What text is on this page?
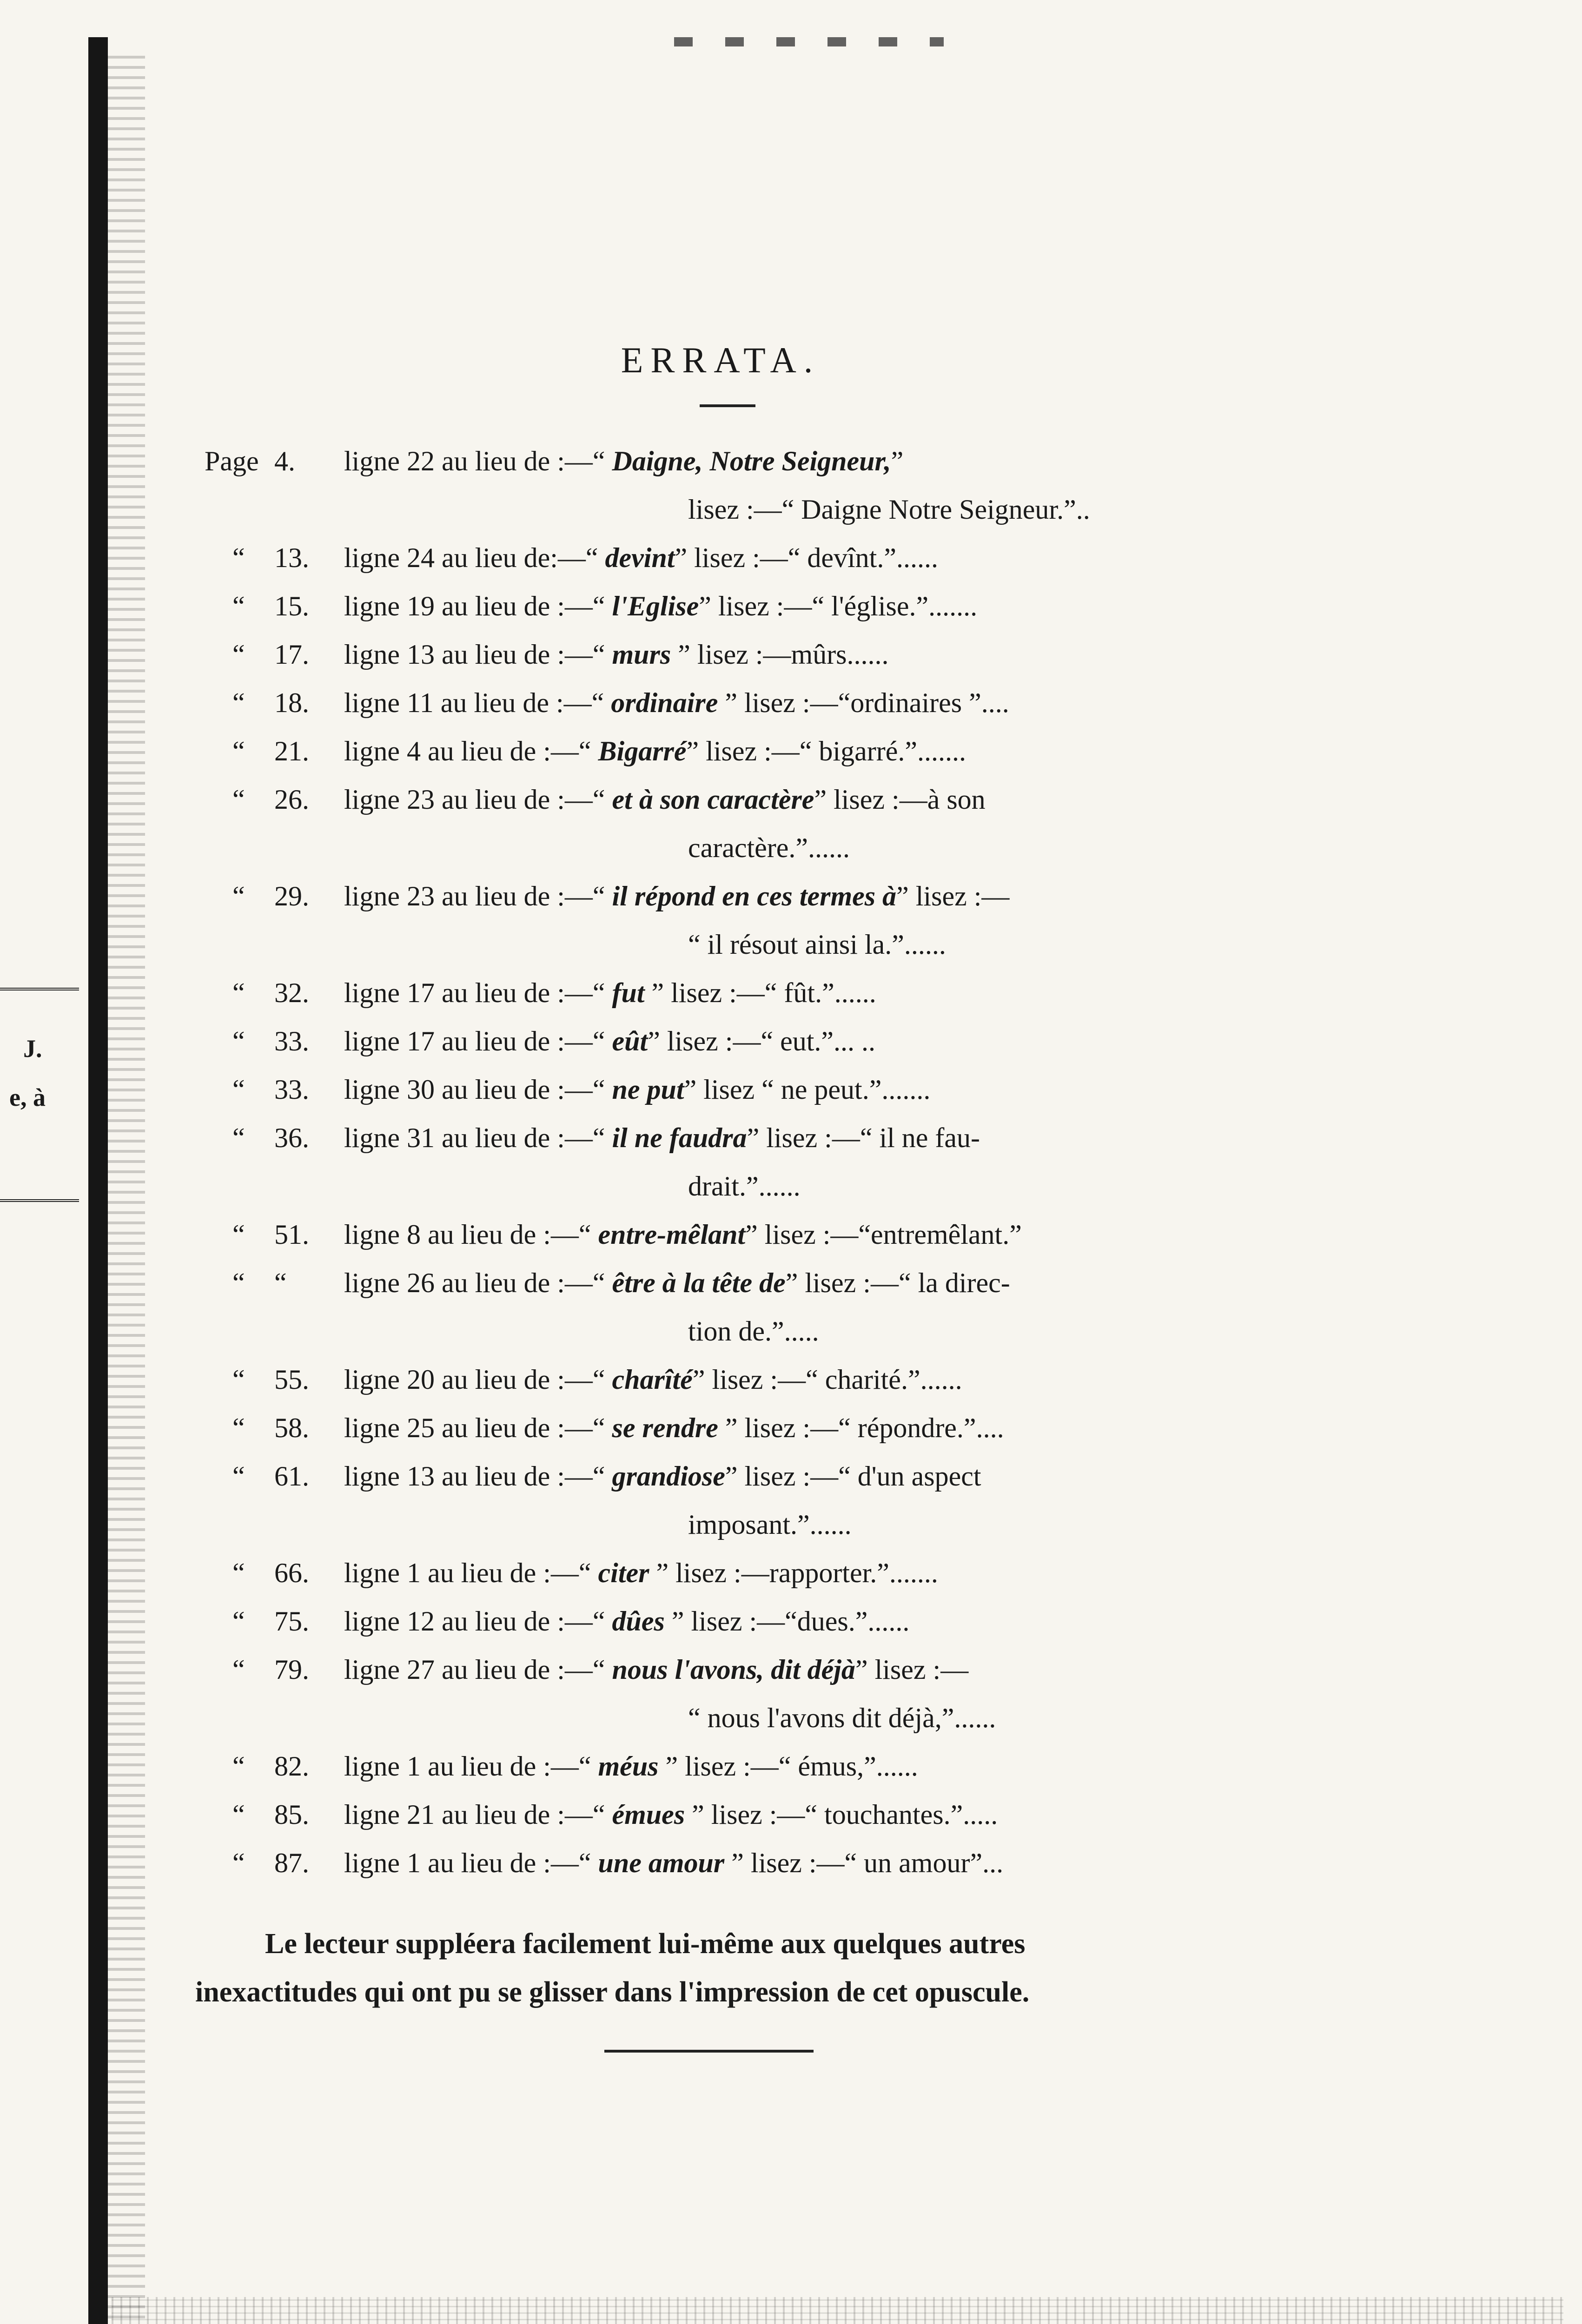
J.
e, à
ERRATA.
Page 4. ligne 22 au lieu de :—“ Daigne, Notre Seigneur,”
lisez :—“ Daigne Notre Seigneur.”..
“	13. ligne 24 au lieu de:—“ devint” lisez :—“ devînt.”......
“	15. ligne 19 au lieu de :—“ l'Eglise” lisez :—“ l'église.”.......
“	17. ligne 13 au lieu de :—“ murs ” lisez :—mûrs......
“	18. ligne 11 au lieu de :—“ ordinaire ” lisez :—“ordinaires ”....
“	21. ligne 4 au lieu de :—“ Bigarré” lisez :—“ bigarré.”.......
“	26. ligne 23 au lieu de :—“ et à son caractère” lisez :—à son
caractère.”......
“	29. ligne 23 au lieu de :—“ il répond en ces termes à” lisez :—
“ il résout ainsi la.”......
“	32. ligne 17 au lieu de :—“ fut ” lisez :—“ fût.”......
“	33. ligne 17 au lieu de :—“ eût” lisez :—“ eut.”... ..
“	33. ligne 30 au lieu de :—“ ne put” lisez “ ne peut.”.......
“	36. ligne 31 au lieu de :—“ il ne faudra” lisez :—“ il ne fau-
drait.”......
“	51. ligne 8 au lieu de :—“ entre-mêlant” lisez :—“entremêlant.”
“	“ ligne 26 au lieu de :—“ être à la tête de” lisez :—“ la direc-
tion de.”.....
“	55. ligne 20 au lieu de :—“ charîté” lisez :—“ charité.”......
“	58. ligne 25 au lieu de :—“ se rendre ” lisez :—“ répondre.”....
“	61. ligne 13 au lieu de :—“ grandiose” lisez :—“ d'un aspect
imposant.”......
“	66. ligne 1 au lieu de :—“ citer ” lisez :—rapporter.”.......
“	75. ligne 12 au lieu de :—“ dûes ” lisez :—“dues.”......
“	79. ligne 27 au lieu de :—“ nous l'avons, dit déjà” lisez :—
“ nous l'avons dit déjà,”......
“	82. ligne 1 au lieu de :—“ méus ” lisez :—“ émus,”......
“	85. ligne 21 au lieu de :—“ émues ” lisez :—“ touchantes.”.....
“	87. ligne 1 au lieu de :—“ une amour ” lisez :—“ un amour”...

Le lecteur suppléera facilement lui-même aux quelques autres

inexactitudes qui ont pu se glisser dans l'impression de cet opuscule.
